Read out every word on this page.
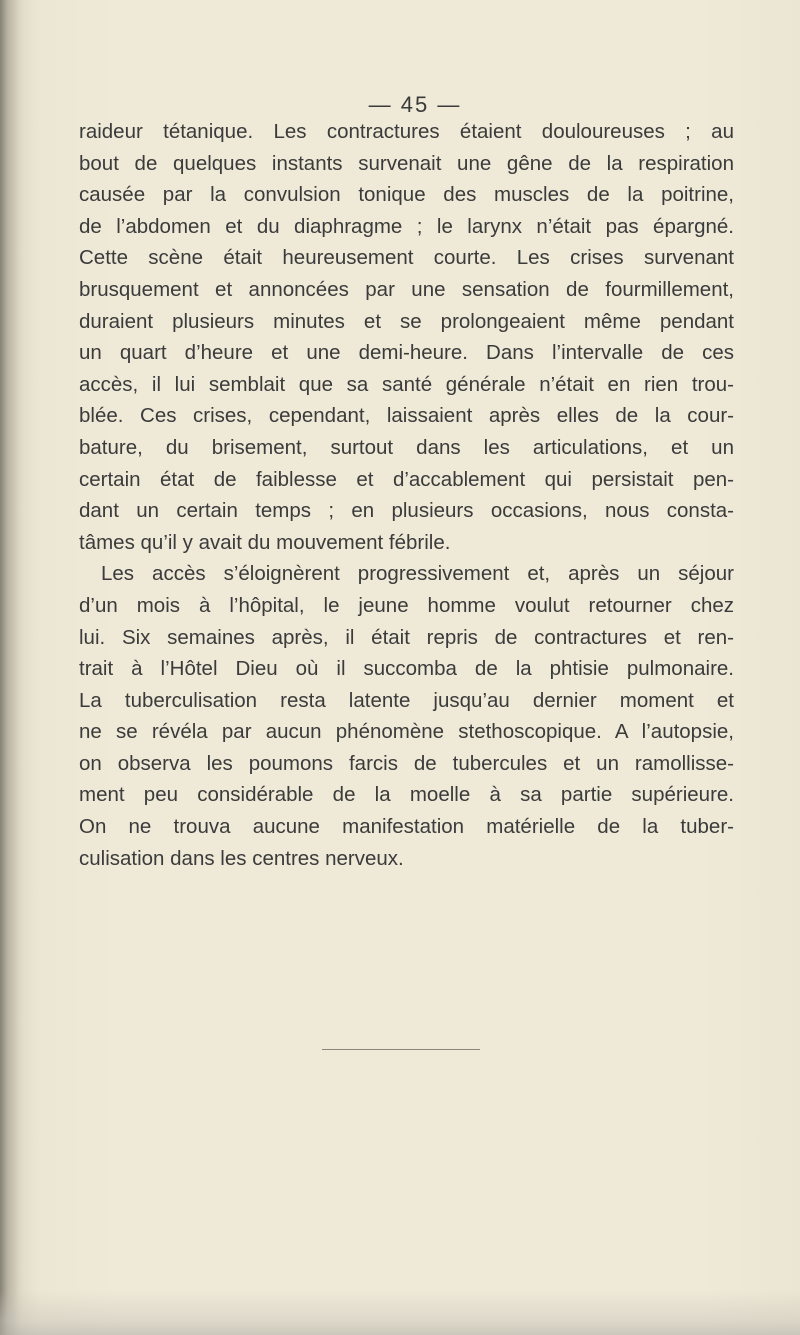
— 45 —
raideur tétanique. Les contractures étaient douloureuses ; au
bout de quelques instants survenait une gêne de la respiration
causée par la convulsion tonique des muscles de la poitrine,
de l’abdomen et du diaphragme ; le larynx n’était pas épargné.
Cette scène était heureusement courte. Les crises survenant
brusquement et annoncées par une sensation de fourmillement,
duraient plusieurs minutes et se prolongeaient même pendant
un quart d’heure et une demi-heure. Dans l’intervalle de ces
accès, il lui semblait que sa santé générale n’était en rien trou-
blée. Ces crises, cependant, laissaient après elles de la cour-
bature, du brisement, surtout dans les articulations, et un
certain état de faiblesse et d’accablement qui persistait pen-
dant un certain temps ; en plusieurs occasions, nous consta-
tâmes qu’il y avait du mouvement fébrile.
Les accès s’éloignèrent progressivement et, après un séjour
d’un mois à l’hôpital, le jeune homme voulut retourner chez
lui. Six semaines après, il était repris de contractures et ren-
trait à l’Hôtel Dieu où il succomba de la phtisie pulmonaire.
La tuberculisation resta latente jusqu’au dernier moment et
ne se révéla par aucun phénomène stethoscopique. A l’autopsie,
on observa les poumons farcis de tubercules et un ramollisse-
ment peu considérable de la moelle à sa partie supérieure.
On ne trouva aucune manifestation matérielle de la tuber-
culisation dans les centres nerveux.
